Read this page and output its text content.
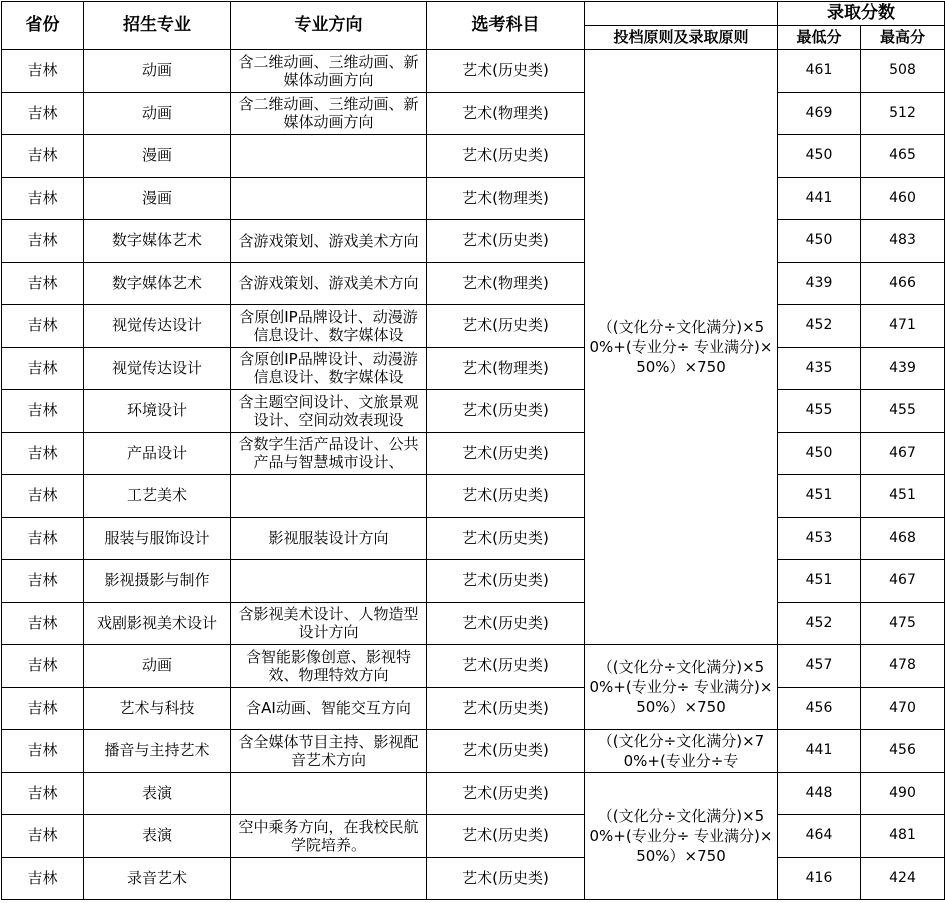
省份	招生专业	专业方向	选考科目		录取分数	
				投档原则及录取原则	最低分	最高分
吉林	动画	含二维动画、三维动画、新媒体动画方向	艺术(历史类)	（(文化分÷文化满分)×50%+(专业分÷ 专业满分)×50%）×750	461	508
吉林	动画	含二维动画、三维动画、新媒体动画方向	艺术(物理类)		469	512
吉林	漫画		艺术(历史类)		450	465
吉林	漫画		艺术(物理类)		441	460
吉林	数字媒体艺术	含游戏策划、游戏美术方向	艺术(历史类)		450	483
吉林	数字媒体艺术	含游戏策划、游戏美术方向	艺术(物理类)		439	466
吉林	视觉传达设计	含原创IP品牌设计、动漫游信息设计、数字媒体设	艺术(历史类)		452	471
吉林	视觉传达设计	含原创IP品牌设计、动漫游信息设计、数字媒体设	艺术(物理类)		435	439
吉林	环境设计	含主题空间设计、文旅景观设计、空间动效表现设	艺术(历史类)		455	455
吉林	产品设计	含数字生活产品设计、公共产品与智慧城市设计、	艺术(历史类)		450	467
吉林	工艺美术		艺术(历史类)		451	451
吉林	服装与服饰设计	影视服装设计方向	艺术(历史类)		453	468
吉林	影视摄影与制作		艺术(历史类)		451	467
吉林	戏剧影视美术设计	含影视美术设计、人物造型设计方向	艺术(历史类)		452	475
吉林	动画	含智能影像创意、影视特效、物理特效方向	艺术(历史类)	（(文化分÷文化满分)×50%+(专业分÷ 专业满分)×50%）×750	457	478
吉林	艺术与科技	含AI动画、智能交互方向	艺术(历史类)		456	470
吉林	播音与主持艺术	含全媒体节目主持、影视配音艺术方向	艺术(历史类)	（(文化分÷文化满分)×70%+(专业分÷专	441	456
吉林	表演		艺术(历史类)	（(文化分÷文化满分)×50%+(专业分÷ 专业满分)×50%）×750	448	490
吉林	表演	空中乘务方向，在我校民航学院培养。	艺术(历史类)		464	481
吉林	录音艺术		艺术(历史类)		416	424
